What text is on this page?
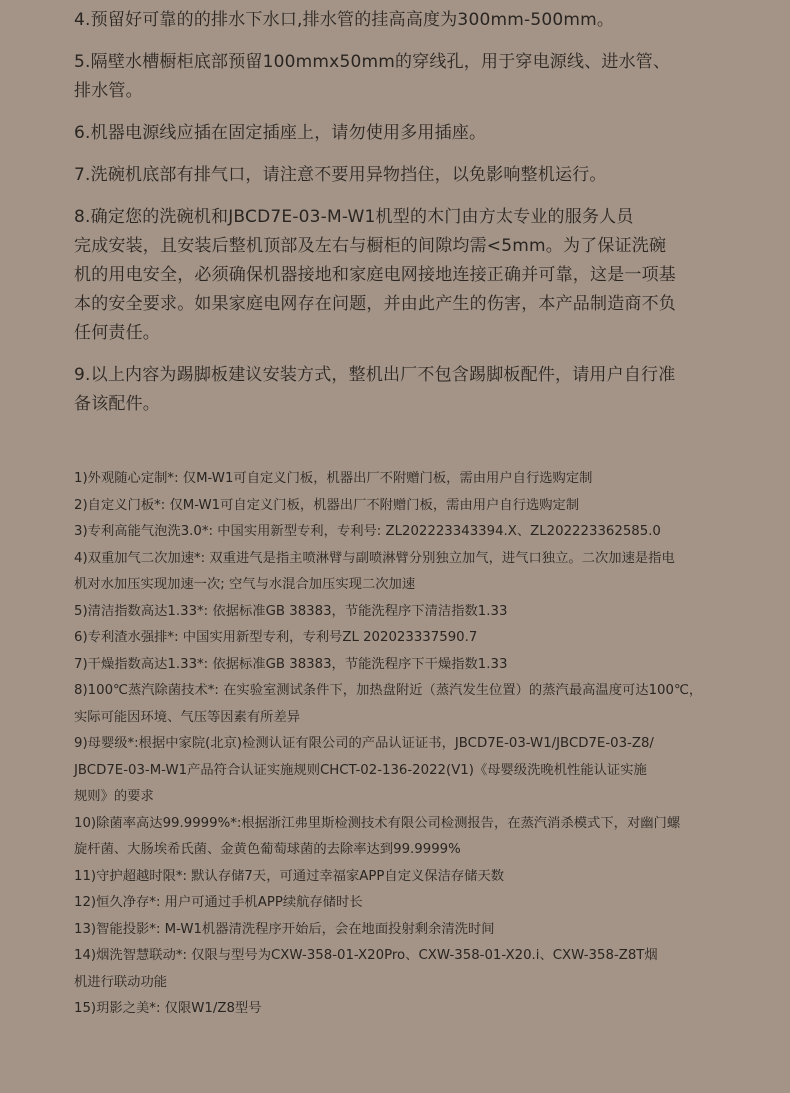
4.预留好可靠的的排水下水口,排水管的挂高高度为300mm-500mm。

5.隔壁水槽橱柜底部预留100mmx50mm的穿线孔，用于穿电源线、进水管、
排水管。

6.机器电源线应插在固定插座上，请勿使用多用插座。

7.洗碗机底部有排气口，请注意不要用异物挡住，以免影响整机运行。

8.确定您的洗碗机和JBCD7E-03-M-W1机型的木门由方太专业的服务人员
完成安装，且安装后整机顶部及左右与橱柜的间隙均需<5mm。为了保证洗碗
机的用电安全，必须确保机器接地和家庭电网接地连接正确并可靠，这是一项基
本的安全要求。如果家庭电网存在问题，并由此产生的伤害，本产品制造商不负
任何责任。

9.以上内容为踢脚板建议安装方式，整机出厂不包含踢脚板配件，请用户自行准
备该配件。

1)外观随心定制*: 仅M-W1可自定义门板，机器出厂不附赠门板，需由用户自行选购定制

2)自定义门板*: 仅M-W1可自定义门板，机器出厂不附赠门板，需由用户自行选购定制

3)专利高能气泡洗3.0*: 中国实用新型专利，专利号: ZL202223343394.X、ZL202223362585.0

4)双重加气二次加速*: 双重进气是指主喷淋臂与副喷淋臂分别独立加气，进气口独立。二次加速是指电
机对水加压实现加速一次; 空气与水混合加压实现二次加速

5)清洁指数高达1.33*: 依据标准GB 38383，节能洗程序下清洁指数1.33

6)专利渣水强排*: 中国实用新型专利，专利号ZL 202023337590.7

7)干燥指数高达1.33*: 依据标准GB 38383，节能洗程序下干燥指数1.33

8)100℃蒸汽除菌技术*: 在实验室测试条件下，加热盘附近（蒸汽发生位置）的蒸汽最高温度可达100℃，
实际可能因环境、气压等因素有所差异

9)母婴级*:根据中家院(北京)检测认证有限公司的产品认证证书，JBCD7E-03-W1/JBCD7E-03-Z8/
JBCD7E-03-M-W1产品符合认证实施规则CHCT-02-136-2022(V1)《母婴级洗晚机性能认证实施
规则》的要求

10)除菌率高达99.9999%*:根据浙江弗里斯检测技术有限公司检测报告，在蒸汽消杀模式下，对幽门螺
旋杆菌、大肠埃希氏菌、金黄色葡萄球菌的去除率达到99.9999%

11)守护超越时限*: 默认存储7天，可通过幸福家APP自定义保洁存储天数

12)恒久净存*: 用户可通过手机APP续航存储时长

13)智能投影*: M-W1机器清洗程序开始后，会在地面投射剩余清洗时间

14)烟洗智慧联动*: 仅限与型号为CXW-358-01-X20Pro、CXW-358-01-X20.i、CXW-358-Z8T烟
机进行联动功能

15)玥影之美*: 仅限W1/Z8型号
